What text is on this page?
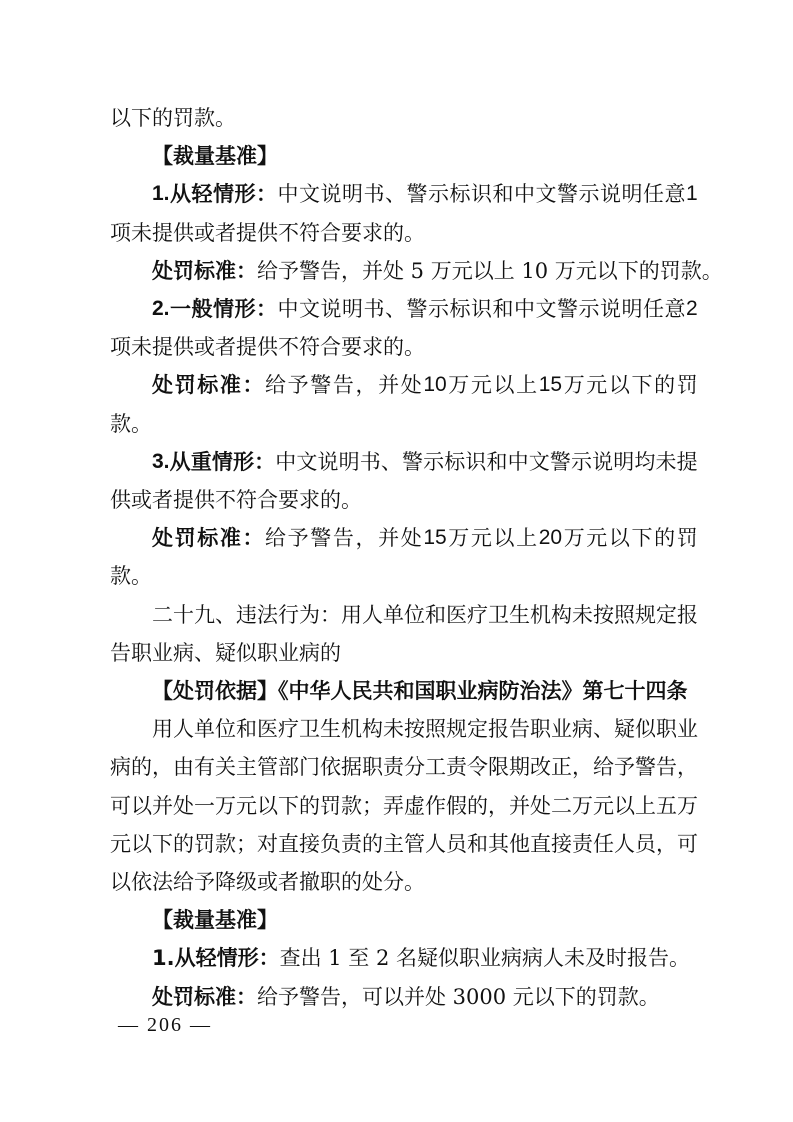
以下的罚款。
【裁量基准】
1. 从 轻 情 形 ： 中 文 说 明 书 、 警 示 标 识 和 中 文 警 示 说 明 任 意 1
项未提供或者提供不符合要求的。
处罚标准：给予警告，并处 5 万元以上 10 万元以下的罚款。
2. 一 般 情 形 ： 中 文 说 明 书 、 警 示 标 识 和 中 文 警 示 说 明 任 意 2
项未提供或者提供不符合要求的。
处 罚 标 准 ： 给 予 警 告 ， 并 处 10 万 元 以 上 15 万 元 以 下 的 罚
款。
3. 从 重 情 形 ： 中 文 说 明 书 、 警 示 标 识 和 中 文 警 示 说 明 均 未 提
供或者提供不符合要求的。
处 罚 标 准 ： 给 予 警 告 ， 并 处 15 万 元 以 上 20 万 元 以 下 的 罚
款。
二 十 九 、 违 法 行 为 ： 用 人 单 位 和 医 疗 卫 生 机 构 未 按 照 规 定 报
告职业病、疑似职业病的
【处罚依据】《中华人民共和国职业病防治法》第七十四条
用 人 单 位 和 医 疗 卫 生 机 构 未 按 照 规 定 报 告 职 业 病 、 疑 似 职 业
病 的 ， 由 有 关 主 管 部 门 依 据 职 责 分 工 责 令 限 期 改 正 ， 给 予 警 告 ，
可 以 并 处 一 万 元 以 下 的 罚 款 ； 弄 虚 作 假 的 ， 并 处 二 万 元 以 上 五 万
元 以 下 的 罚 款 ； 对 直 接 负 责 的 主 管 人 员 和 其 他 直 接 责 任 人 员 ， 可
以依法给予降级或者撤职的处分。
【裁量基准】
1.从轻情形：查出 1 至 2 名疑似职业病病人未及时报告。
处罚标准：给予警告，可以并处 3000 元以下的罚款。
— 206 —
